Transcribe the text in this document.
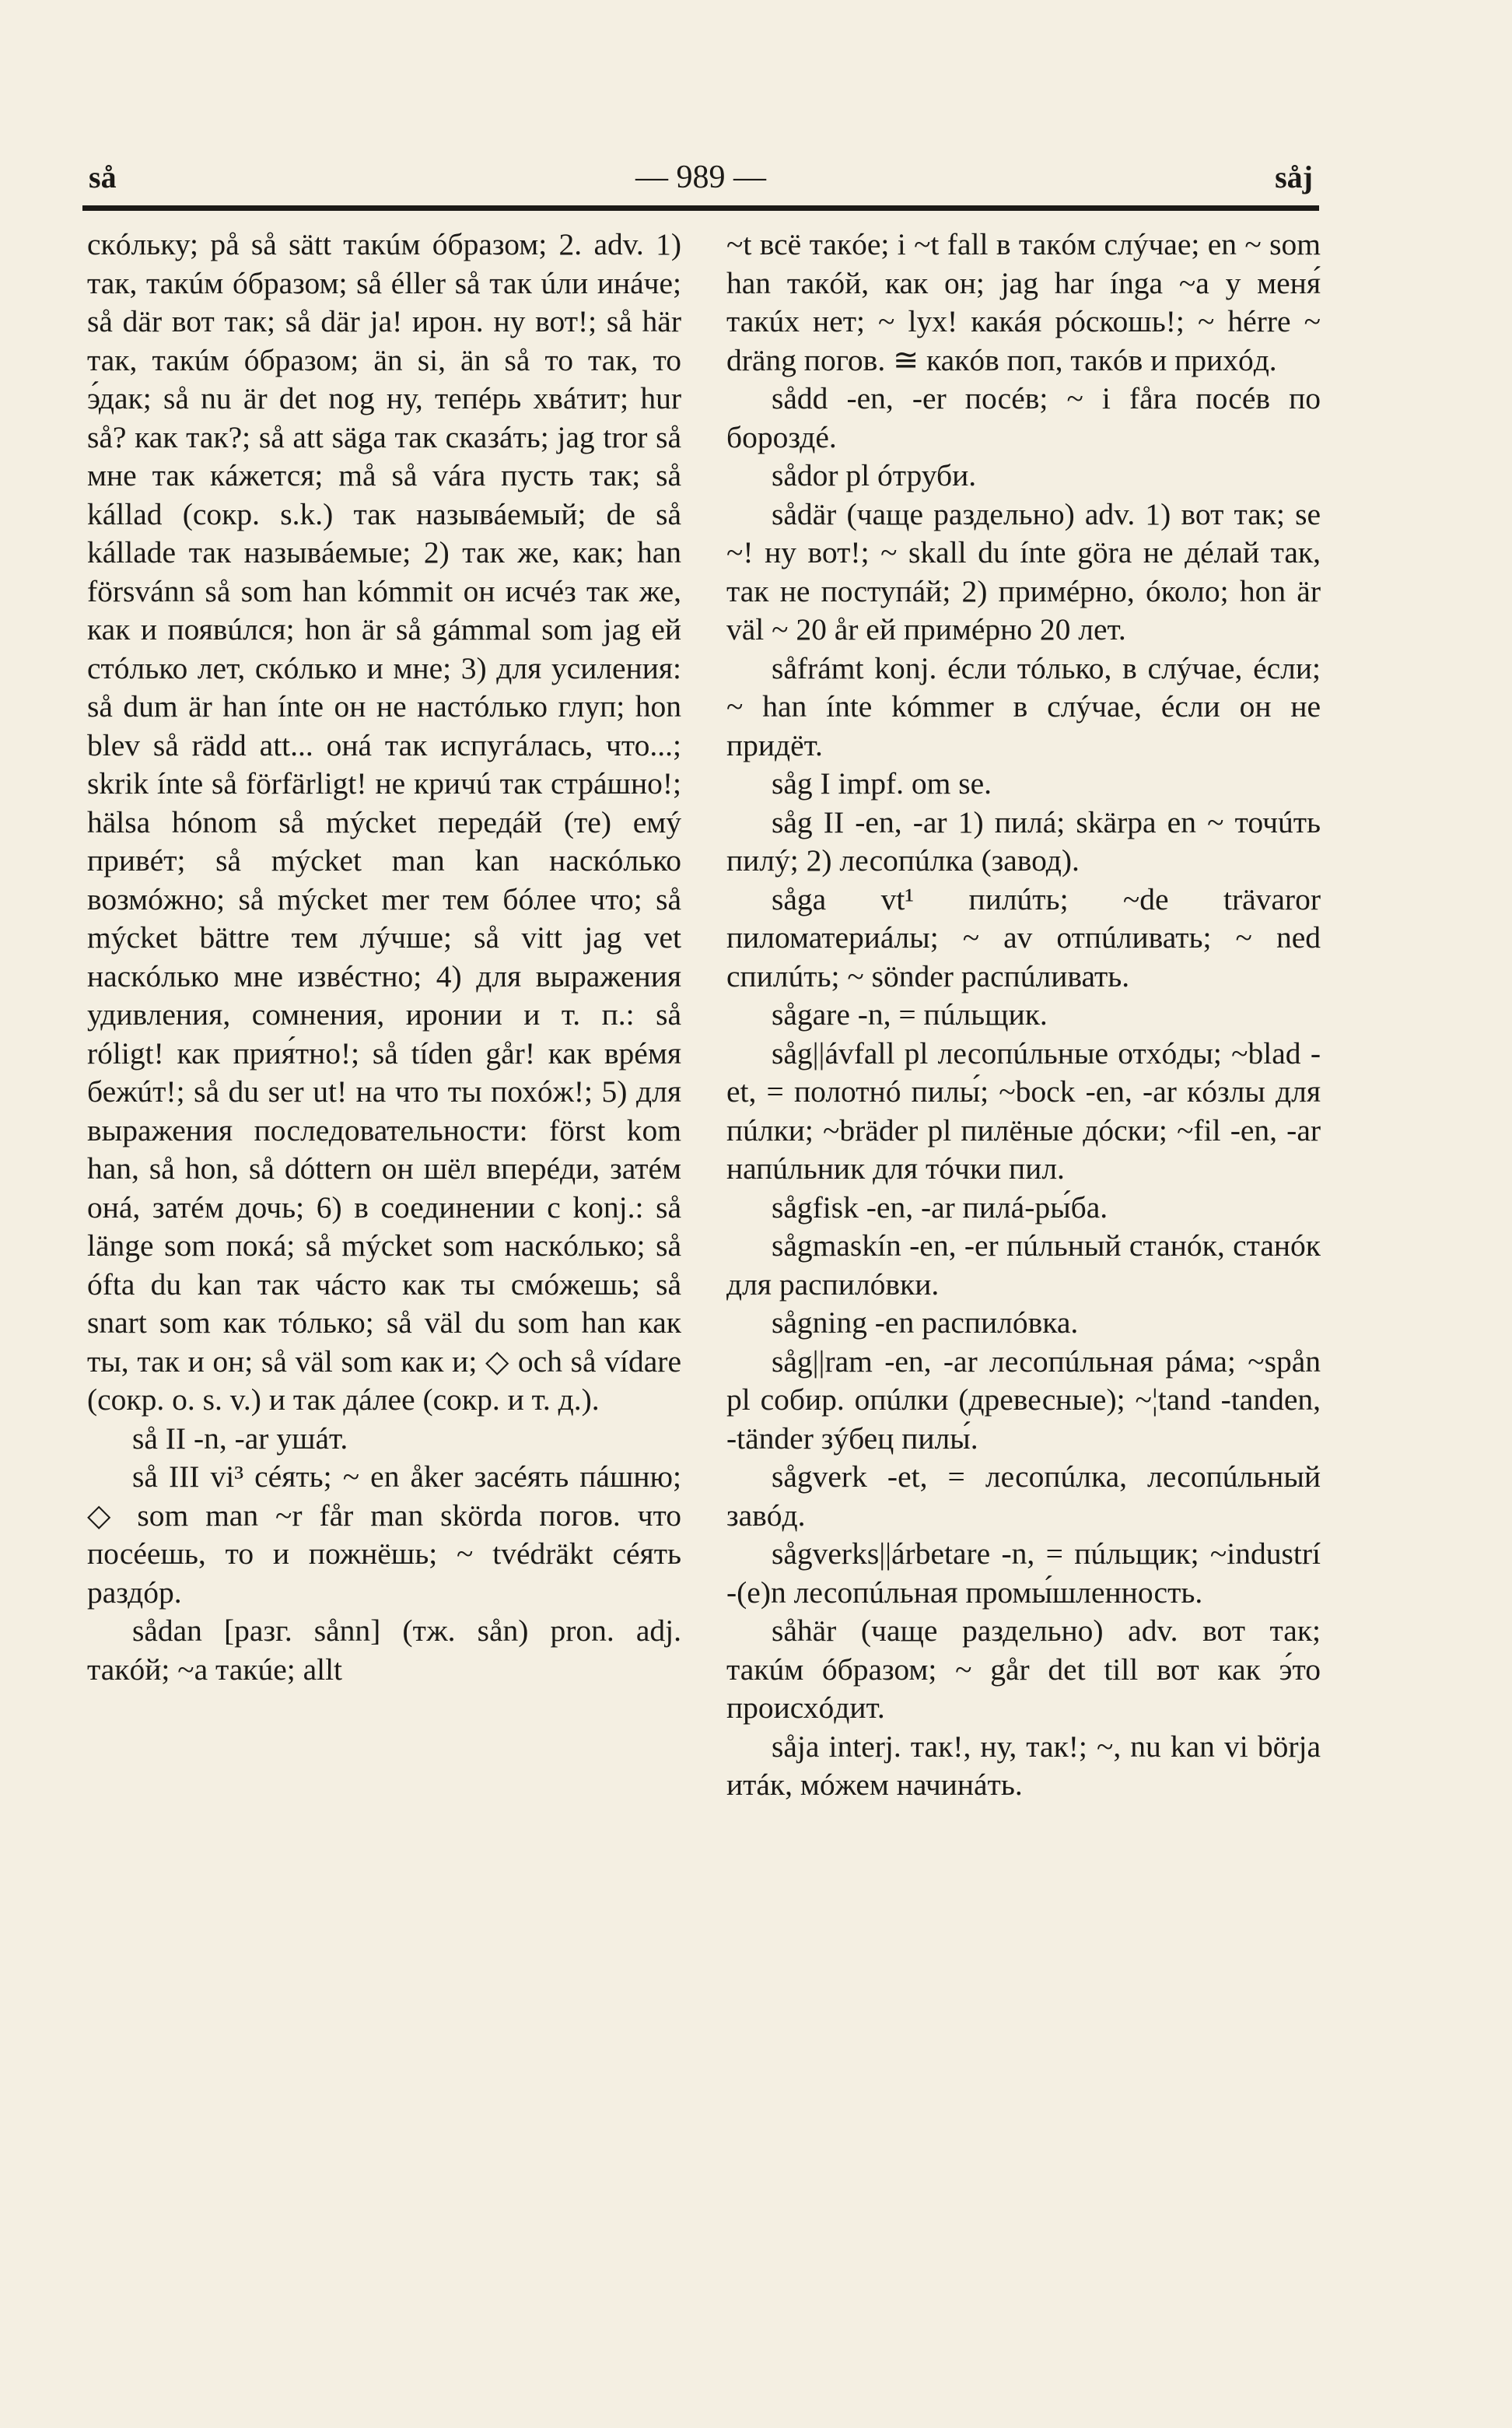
så	— 989 —	såj

скóльку; på så sätt такúм óбразом; 2. adv. 1) так, такúм óбразом; så éller så так úли инáче; så där вот так; så där ja! ирон. ну вот!; så här так, такúм óбразом; än si, än så то так, то э́дак; så nu är det nog ну, тепéрь хвáтит; hur så? как так?; så att säga так сказáть; jag tror så мне так кáжется; må så vára пусть так; så kállad (сокр. s.k.) так назывáемый; de så kállade так назывáемые; 2) так же, как; han försvánn så som han kómmit он исчéз так же, как и появúлся; hon är så gámmal som jag ей стóлько лет, скóлько и мне; 3) для усиления: så dum är han ínte он не настóлько глуп; hon blev så rädd att... онá так испугáлась, что...; skrik ínte så förfärligt! не кричú так стрáшно!; hälsa hónom så mýcket передáй (те) емý привéт; så mýcket man kan наскóлько возмóжно; så mýcket mer тем бóлее что; så mýcket bättre тем лýчше; så vitt jag vet наскóлько мне извéстно; 4) для выражения удивления, сомнения, иронии и т. п.: så róligt! как прия́тно!; så tíden går! как врéмя бежúт!; så du ser ut! на что ты похóж!; 5) для выражения последовательности: först kom han, så hon, så dóttern он шёл вперéди, затéм онá, затéм дочь; 6) в соединении с konj.: så länge som покá; så mýcket som наскóлько; så ófta du kan так чáсто как ты смóжешь; så snart som как тóлько; så väl du som han как ты, так и он; så väl som как и; ◇ och så vídare (сокр. o. s. v.) и так дáлее (сокр. и т. д.).

så II -n, -ar ушáт.

så III vi³ сéять; ~ en åker засéять пáшню; ◇ som man ~r får man skörda погов. что посéешь, то и пожнёшь; ~ tvédräkt сéять раздóр.

sådan [разг. sånn] (тж. sån) pron. adj. такóй; ~a такúе; allt

~t всё такóе; i ~t fall в такóм слýчае; en ~ som han такóй, как он; jag har ínga ~a у меня́ такúх нет; ~ lyx! какáя рóскошь!; ~ hérre ~ dräng погов. ≅ какóв поп, такóв и прихóд.

sådd -en, -er посéв; ~ i fåra посéв по бороздé.

sådor pl óтруби.

sådär (чаще раздельно) adv. 1) вот так; se ~! ну вот!; ~ skall du ínte göra не дéлай так, так не поступáй; 2) примéрно, óколо; hon är väl ~ 20 år ей примéрно 20 лет.

såfrámt konj. éсли тóлько, в слýчае, éсли; ~ han ínte kómmer в слýчае, éсли он не придёт.

såg I impf. om se.

såg II -en, -ar 1) пилá; skärpa en ~ точúть пилý; 2) лесопúлка (завод).

såga vt¹ пилúть; ~de trävaror пиломатериáлы; ~ av отпúливать; ~ ned спилúть; ~ sönder распúливать.

sågare -n, = пúльщик.

såg||ávfall pl лесопúльные отхóды; ~blad -et, = полотнó пилы́; ~bock -en, -ar кóзлы для пúлки; ~bräder pl пилёные дóски; ~fil -en, -ar напúльник для тóчки пил.

sågfisk -en, -ar пилá-ры́ба.

sågmaskín -en, -er пúльный станóк, станóк для распилóвки.

sågning -en распилóвка.

såg||ram -en, -ar лесопúльная рáма; ~spån pl собир. опúлки (древесные); ~¦tand -tanden, -tänder зýбец пилы́.

sågverk -et, = лесопúлка, лесопúльный завóд.

sågverks||árbetare -n, = пúльщик; ~industrí -(e)n лесопúльная промы́шленность.

såhär (чаще раздельно) adv. вот так; такúм óбразом; ~ går det till вот как э́то происхóдит.

såja interj. так!, ну, так!; ~, nu kan vi börja итáк, мóжем начинáть.
